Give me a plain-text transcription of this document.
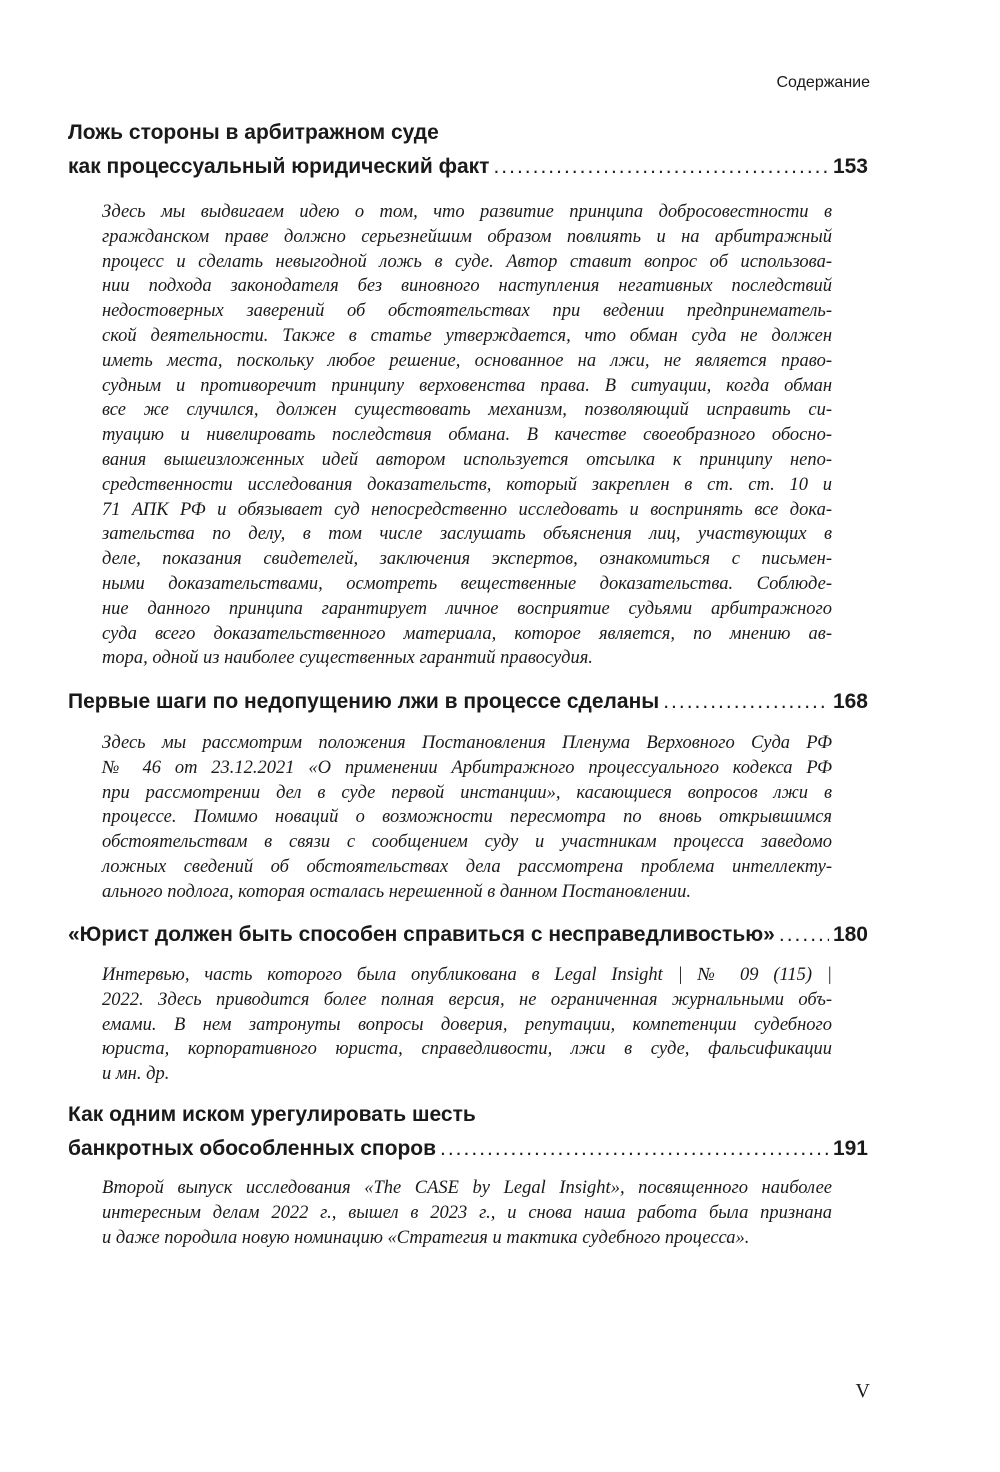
Содержание
Ложь стороны в арбитражном суде
как процессуальный юридический факт .....	153
Здесь мы выдвигаем идею о том, что развитие принципа добросовестности в
гражданском праве должно серьезнейшим образом повлиять и на арбитражный
процесс и сделать невыгодной ложь в суде. Автор ставит вопрос об использова-
нии подхода законодателя без виновного наступления негативных последствий
недостоверных заверений об обстоятельствах при ведении предпринематель-
ской деятельности. Также в статье утверждается, что обман суда не должен
иметь места, поскольку любое решение, основанное на лжи, не является право-
судным и противоречит принципу верховенства права. В ситуации, когда обман
все же случился, должен существовать механизм, позволяющий исправить си-
туацию и нивелировать последствия обмана. В качестве своеобразного обосно-
вания вышеизложенных идей автором используется отсылка к принципу непо-
средственности исследования доказательств, который закреплен в ст. ст. 10 и
71 АПК РФ и обязывает суд непосредственно исследовать и воспринять все дока-
зательства по делу, в том числе заслушать объяснения лиц, участвующих в
деле, показания свидетелей, заключения экспертов, ознакомиться с письмен-
ными доказательствами, осмотреть вещественные доказательства. Соблюде-
ние данного принципа гарантирует личное восприятие судьями арбитражного
суда всего доказательственного материала, которое является, по мнению ав-
тора, одной из наиболее существенных гарантий правосудия.
Первые шаги по недопущению лжи в процессе сделаны .....	168
Здесь мы рассмотрим положения Постановления Пленума Верховного Суда РФ
№ 46 от 23.12.2021 «О применении Арбитражного процессуального кодекса РФ
при рассмотрении дел в суде первой инстанции», касающиеся вопросов лжи в
процессе. Помимо новаций о возможности пересмотра по вновь открывшимся
обстоятельствам в связи с сообщением суду и участникам процесса заведомо
ложных сведений об обстоятельствах дела рассмотрена проблема интеллекту-
ального подлога, которая осталась нерешенной в данном Постановлении.
«Юрист должен быть способен справиться с несправедливостью» .....	180
Интервью, часть которого была опубликована в Legal Insight | № 09 (115) |
2022. Здесь приводится более полная версия, не ограниченная журнальными объ-
емами. В нем затронуты вопросы доверия, репутации, компетенции судебного
юриста, корпоративного юриста, справедливости, лжи в суде, фальсификации
и мн. др.
Как одним иском урегулировать шесть
банкротных обособленных споров .....	191
Второй выпуск исследования «The CASE by Legal Insight», посвященного наиболее
интересным делам 2022 г., вышел в 2023 г., и снова наша работа была признана
и даже породила новую номинацию «Стратегия и тактика судебного процесса».
V
